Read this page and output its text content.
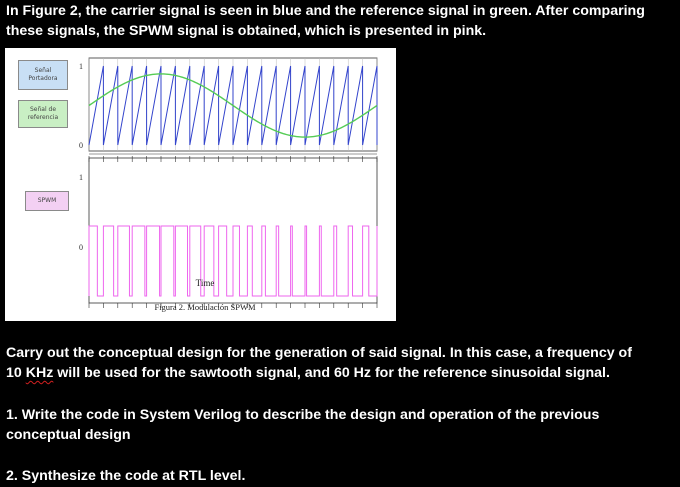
In Figure 2, the carrier signal is seen in blue and the reference signal in green. After comparing
these signals, the SPWM signal is obtained, which is presented in pink.

Señal
Portadora
Señal de
referencia
SPWM
1
0
1
0
Time
Figura 2. Modulación SPWM

Carry out the conceptual design for the generation of said signal. In this case, a frequency of
10 KHz will be used for the sawtooth signal, and 60 Hz for the reference sinusoidal signal.

1. Write the code in System Verilog to describe the design and operation of the previous
conceptual design

2. Synthesize the code at RTL level.
